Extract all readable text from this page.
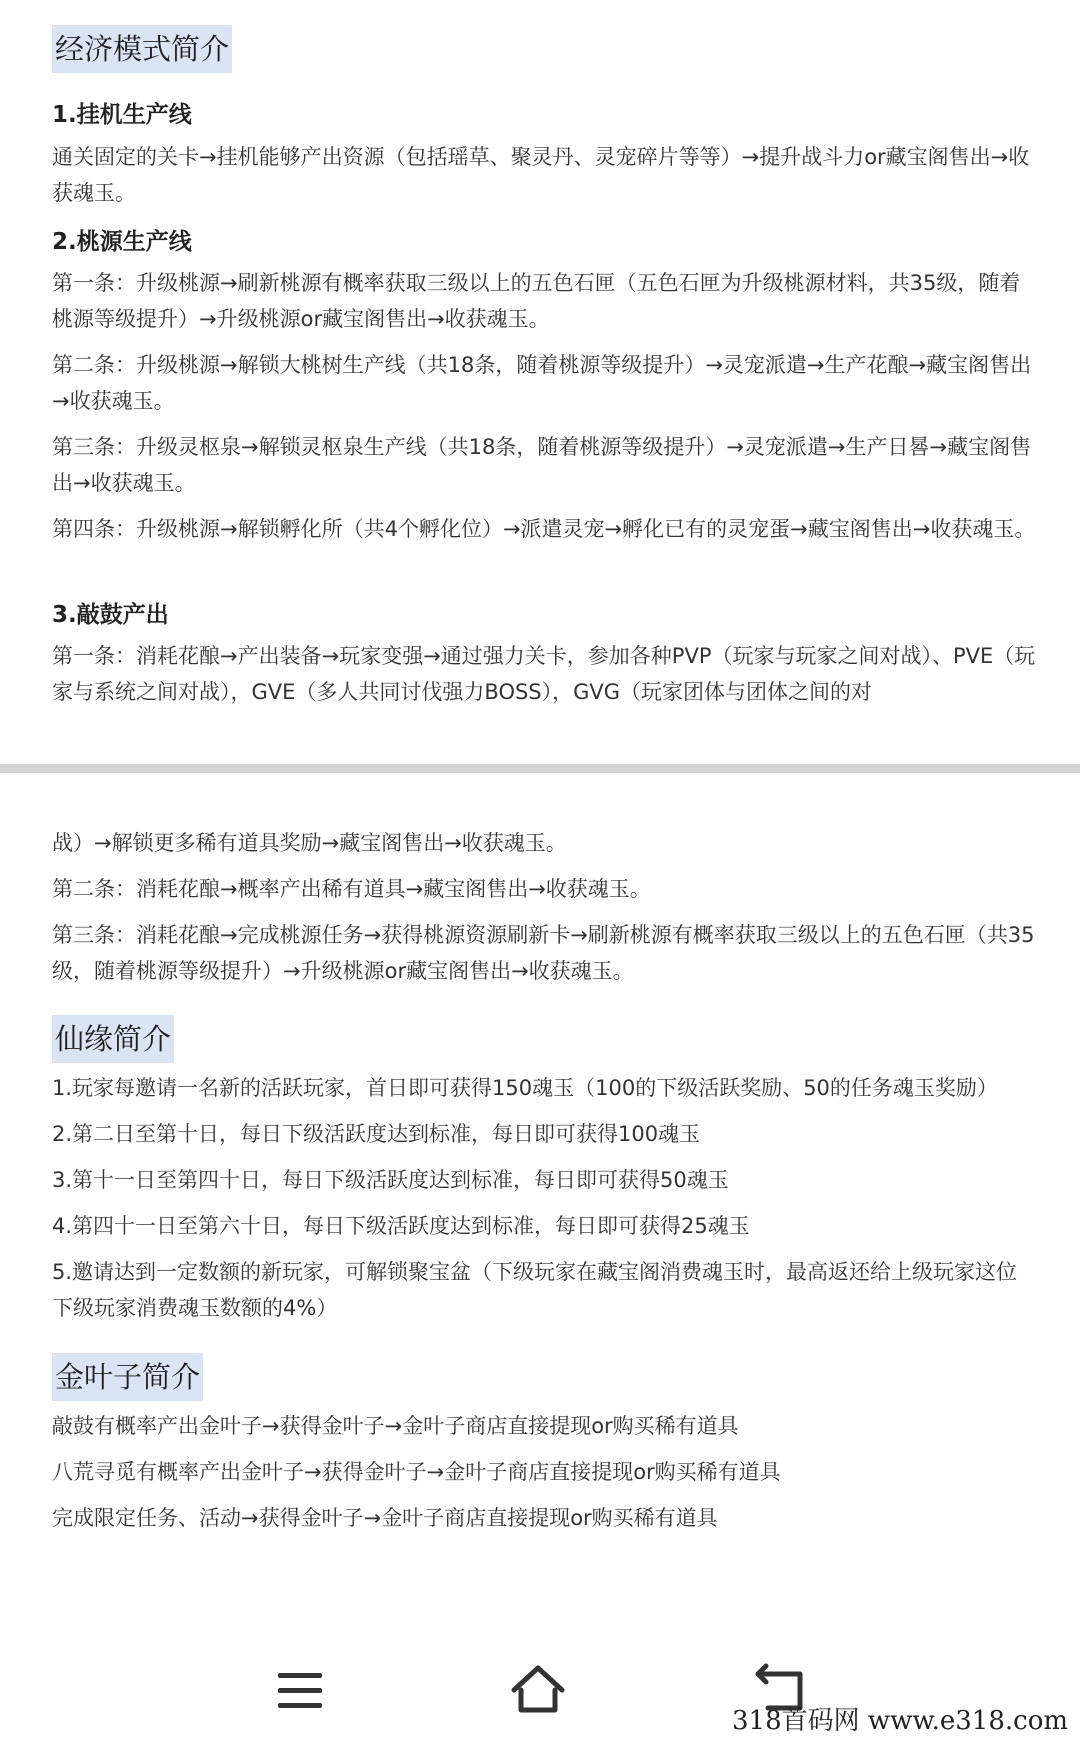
经济模式简介
1.挂机生产线
通关固定的关卡→挂机能够产出资源（包括瑶草、聚灵丹、灵宠碎片等等）→提升战斗力or藏宝阁售出→收获魂玉。
2.桃源生产线
第一条：升级桃源→刷新桃源有概率获取三级以上的五色石匣（五色石匣为升级桃源材料，共35级，随着桃源等级提升）→升级桃源or藏宝阁售出→收获魂玉。
第二条：升级桃源→解锁大桃树生产线（共18条，随着桃源等级提升）→灵宠派遣→生产花酿→藏宝阁售出→收获魂玉。
第三条：升级灵枢泉→解锁灵枢泉生产线（共18条，随着桃源等级提升）→灵宠派遣→生产日晷→藏宝阁售出→收获魂玉。
第四条：升级桃源→解锁孵化所（共4个孵化位）→派遣灵宠→孵化已有的灵宠蛋→藏宝阁售出→收获魂玉。
3.敲鼓产出
第一条：消耗花酿→产出装备→玩家变强→通过强力关卡，参加各种PVP（玩家与玩家之间对战）、PVE（玩家与系统之间对战），GVE（多人共同讨伐强力BOSS），GVG（玩家团体与团体之间的对
战）→解锁更多稀有道具奖励→藏宝阁售出→收获魂玉。
第二条：消耗花酿→概率产出稀有道具→藏宝阁售出→收获魂玉。
第三条：消耗花酿→完成桃源任务→获得桃源资源刷新卡→刷新桃源有概率获取三级以上的五色石匣（共35级，随着桃源等级提升）→升级桃源or藏宝阁售出→收获魂玉。
仙缘简介
1.玩家每邀请一名新的活跃玩家，首日即可获得150魂玉（100的下级活跃奖励、50的任务魂玉奖励）
2.第二日至第十日，每日下级活跃度达到标准，每日即可获得100魂玉
3.第十一日至第四十日，每日下级活跃度达到标准，每日即可获得50魂玉
4.第四十一日至第六十日，每日下级活跃度达到标准，每日即可获得25魂玉
5.邀请达到一定数额的新玩家，可解锁聚宝盆（下级玩家在藏宝阁消费魂玉时，最高返还给上级玩家这位下级玩家消费魂玉数额的4%）
金叶子简介
敲鼓有概率产出金叶子→获得金叶子→金叶子商店直接提现or购买稀有道具
八荒寻觅有概率产出金叶子→获得金叶子→金叶子商店直接提现or购买稀有道具
完成限定任务、活动→获得金叶子→金叶子商店直接提现or购买稀有道具
318首码网 www.e318.com
